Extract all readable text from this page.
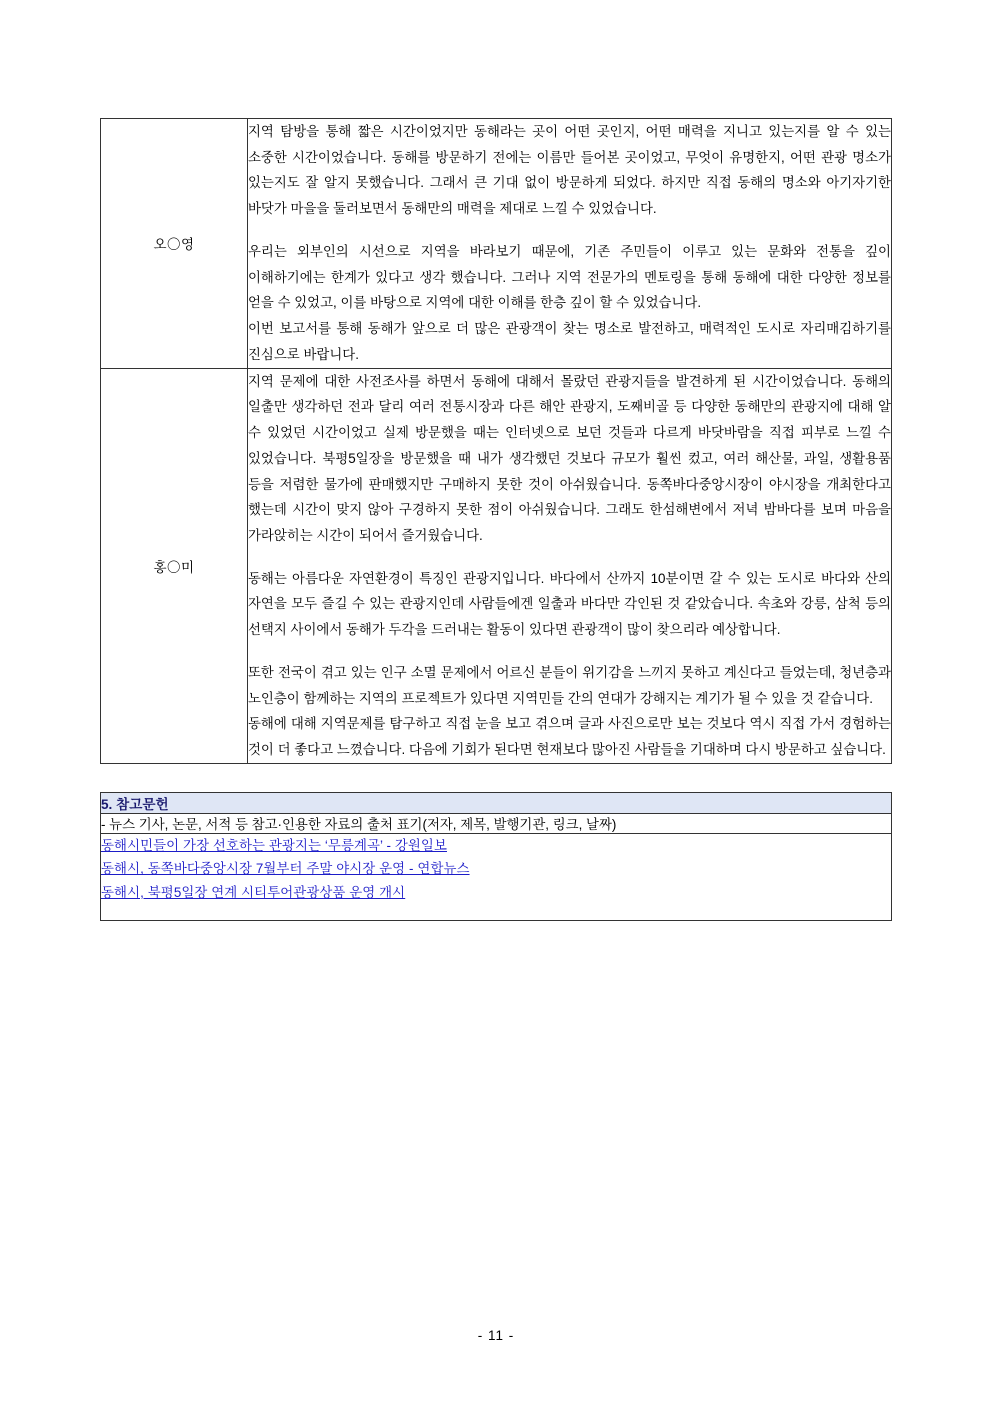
오〇영	지역 탐방을 통해 짧은 시간이었지만 동해라는 곳이 어떤 곳인지, 어떤 매력을 지니고 있는지를 알 수 있는 소중한 시간이었습니다. 동해를 방문하기 전에는 이름만 들어본 곳이었고, 무엇이 유명한지, 어떤 관광 명소가 있는지도 잘 알지 못했습니다. 그래서 큰 기대 없이 방문하게 되었다. 하지만 직접 동해의 명소와 아기자기한 바닷가 마을을 둘러보면서 동해만의 매력을 제대로 느낄 수 있었습니다.

우리는 외부인의 시선으로 지역을 바라보기 때문에, 기존 주민들이 이루고 있는 문화와 전통을 깊이 이해하기에는 한계가 있다고 생각 했습니다. 그러나 지역 전문가의 멘토링을 통해 동해에 대한 다양한 정보를 얻을 수 있었고, 이를 바탕으로 지역에 대한 이해를 한층 깊이 할 수 있었습니다.

이번 보고서를 통해 동해가 앞으로 더 많은 관광객이 찾는 명소로 발전하고, 매력적인 도시로 자리매김하기를 진심으로 바랍니다.

홍〇미	지역 문제에 대한 사전조사를 하면서 동해에 대해서 몰랐던 관광지들을 발견하게 된 시간이었습니다. 동해의 일출만 생각하던 전과 달리 여러 전통시장과 다른 해안 관광지, 도째비골 등 다양한 동해만의 관광지에 대해 알 수 있었던 시간이었고 실제 방문했을 때는 인터넷으로 보던 것들과 다르게 바닷바람을 직접 피부로 느낄 수 있었습니다. 북평5일장을 방문했을 때 내가 생각했던 것보다 규모가 훨씬 컸고, 여러 해산물, 과일, 생활용품 등을 저렴한 물가에 판매했지만 구매하지 못한 것이 아쉬웠습니다. 동쪽바다중앙시장이 야시장을 개최한다고 했는데 시간이 맞지 않아 구경하지 못한 점이 아쉬웠습니다. 그래도 한섬해변에서 저녁 밤바다를 보며 마음을 가라앉히는 시간이 되어서 즐거웠습니다.

동해는 아름다운 자연환경이 특징인 관광지입니다. 바다에서 산까지 10분이면 갈 수 있는 도시로 바다와 산의 자연을 모두 즐길 수 있는 관광지인데 사람들에겐 일출과 바다만 각인된 것 같았습니다. 속초와 강릉, 삼척 등의 선택지 사이에서 동해가 두각을 드러내는 활동이 있다면 관광객이 많이 찾으리라 예상합니다.

또한 전국이 겪고 있는 인구 소멸 문제에서 어르신 분들이 위기감을 느끼지 못하고 계신다고 들었는데, 청년층과 노인층이 함께하는 지역의 프로젝트가 있다면 지역민들 간의 연대가 강해지는 계기가 될 수 있을 것 같습니다.

동해에 대해 지역문제를 탐구하고 직접 눈을 보고 겪으며 글과 사진으로만 보는 것보다 역시 직접 가서 경험하는 것이 더 좋다고 느꼈습니다. 다음에 기회가 된다면 현재보다 많아진 사람들을 기대하며 다시 방문하고 싶습니다.

5. 참고문헌
- 뉴스 기사, 논문, 서적 등 참고·인용한 자료의 출처 표기(저자, 제목, 발행기관, 링크, 날짜)

동해시민들이 가장 선호하는 관광지는 ‘무릉계곡’ - 강원일보
동해시, 동쪽바다중앙시장 7월부터 주말 야시장 운영 - 연합뉴스
동해시, 북평5일장 연계 시티투어관광상품 운영 개시
- 11 -
